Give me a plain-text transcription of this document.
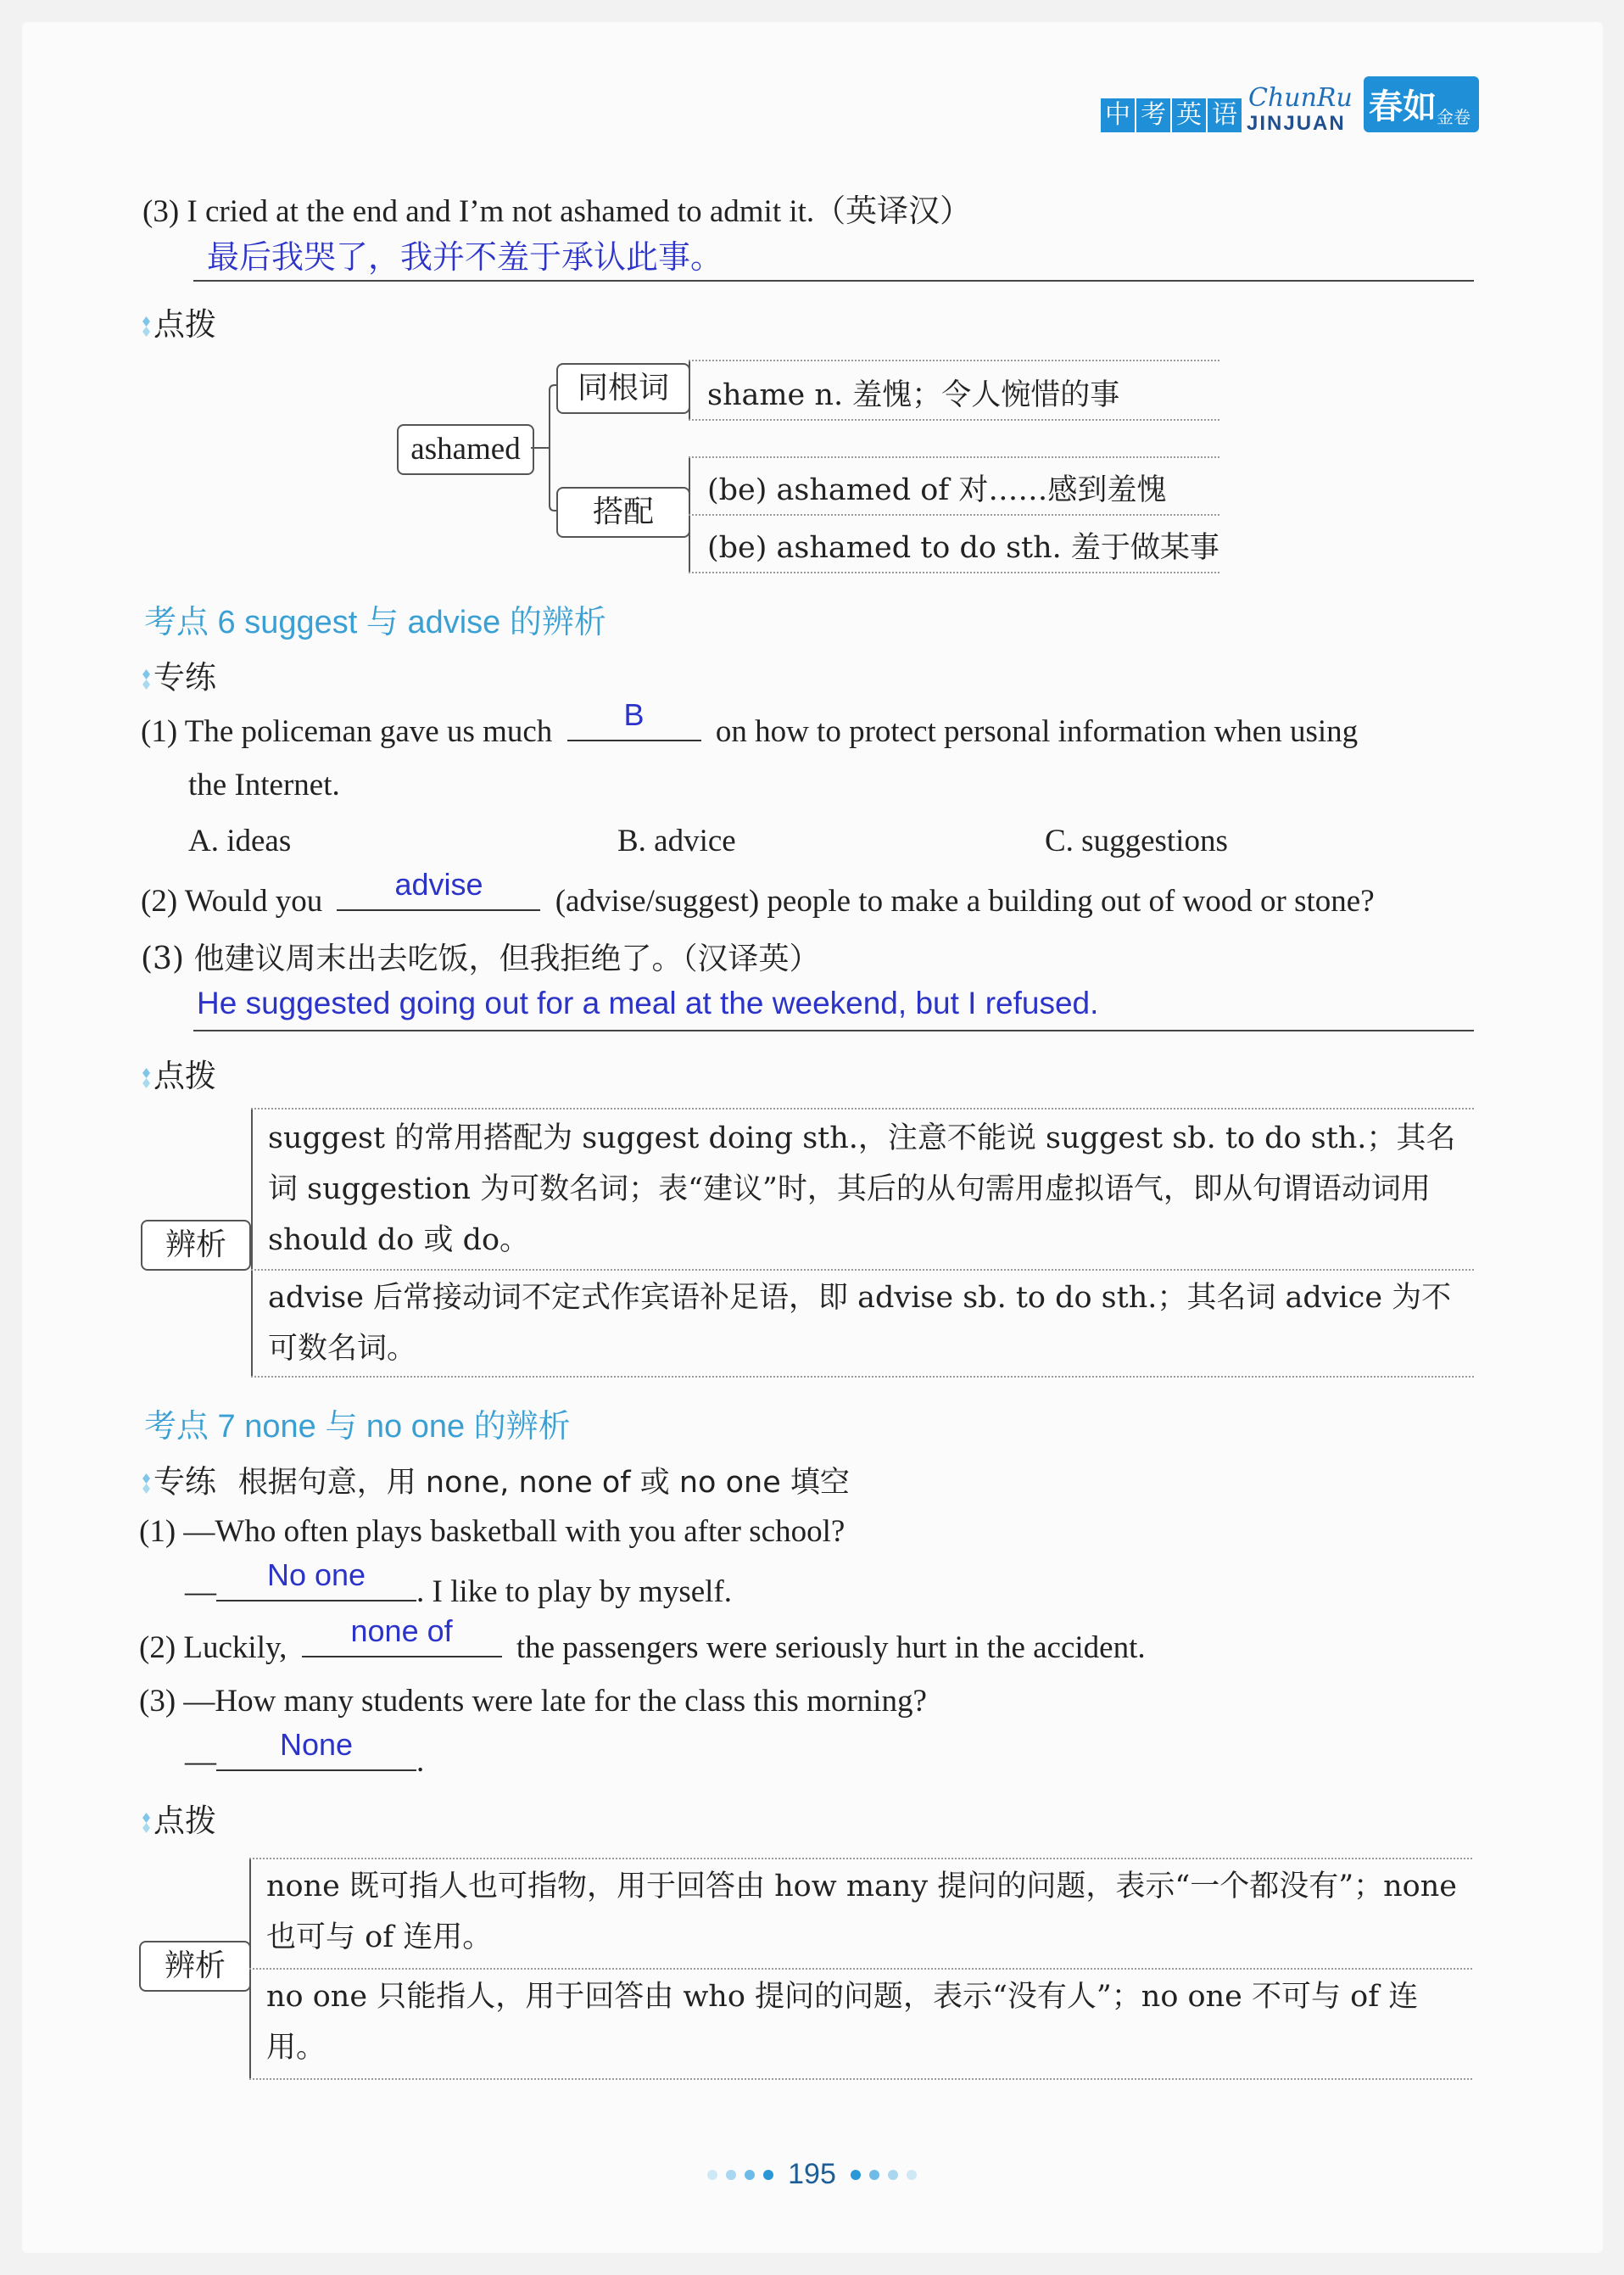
中 考 英 语
ChunRu
JINJUAN 春如 金卷
(3) I cried at the end and I’m not ashamed to admit it.（英译汉）
最后我哭了，我并不羞于承认此事。
点拨
ashamed
同根词
搭配
shame n. 羞愧；令人惋惜的事
(be) ashamed of 对……感到羞愧
(be) ashamed to do sth. 羞于做某事
考点 6 suggest 与 advise 的辨析
专练
(1) The policeman gave us much	B	on how to protect personal information when using
the Internet.
A. ideas	B. advice	C. suggestions
(2) Would you	advise	(advise/suggest) people to make a building out of wood or stone?
(3) 他建议周末出去吃饭，但我拒绝了。（汉译英）
He suggested going out for a meal at the weekend, but I refused.
点拨
辨析
suggest 的常用搭配为 suggest doing sth.，注意不能说 suggest sb. to do sth.；其名词 suggestion 为可数名词；表“建议”时，其后的从句需用虚拟语气，即从句谓语动词用 should do 或 do。
advise 后常接动词不定式作宾语补足语，即 advise sb. to do sth.；其名词 advice 为不可数名词。
考点 7 none 与 no one 的辨析
专练 根据句意，用 none, none of 或 no one 填空
(1) —Who often plays basketball with you after school?
—	No one	. I like to play by myself.
(2) Luckily,	none of	the passengers were seriously hurt in the accident.
(3) —How many students were late for the class this morning?
—	None	.
点拨
辨析
none 既可指人也可指物，用于回答由 how many 提问的问题，表示“一个都没有”；none 也可与 of 连用。
no one 只能指人，用于回答由 who 提问的问题，表示“没有人”；no one 不可与 of 连用。
195
